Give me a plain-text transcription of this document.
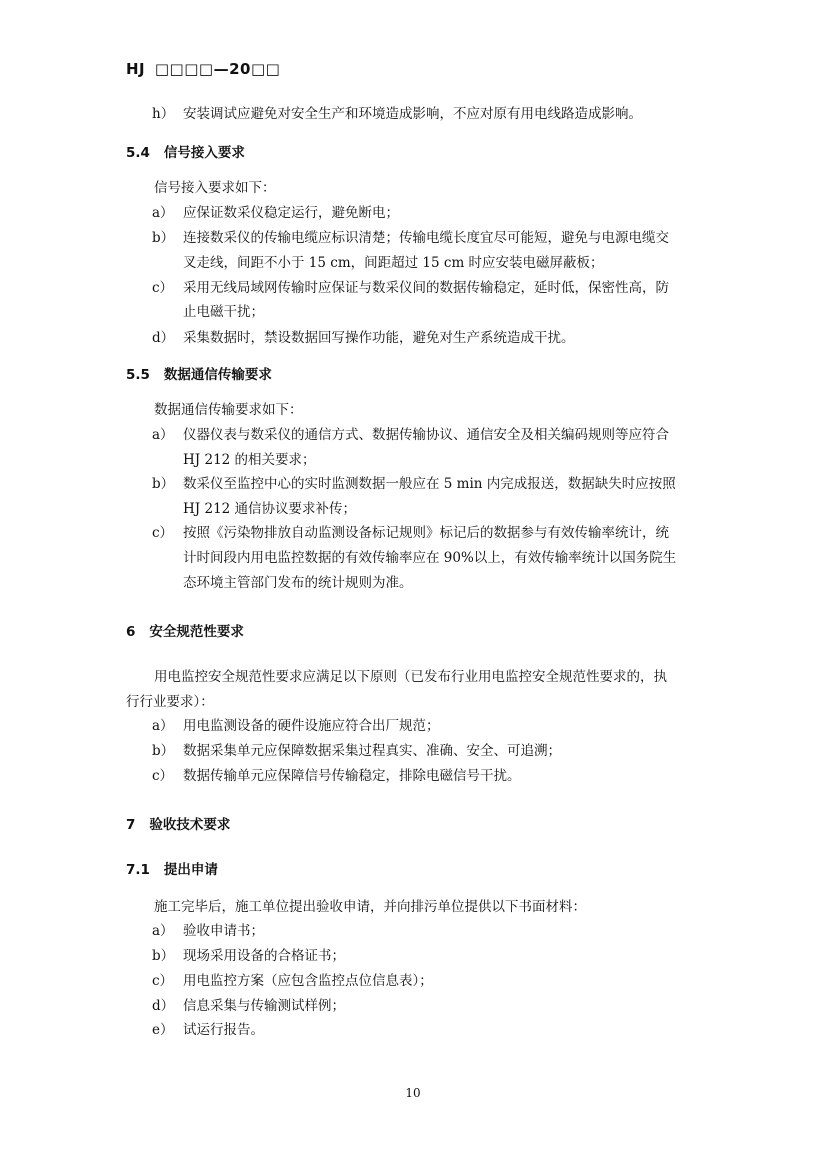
HJ □□□□—20□□
h） 安装调试应避免对安全生产和环境造成影响，不应对原有用电线路造成影响。
5.4 信号接入要求
信号接入要求如下：
a） 应保证数采仪稳定运行，避免断电；
b） 连接数采仪的传输电缆应标识清楚；传输电缆长度宜尽可能短，避免与电源电缆交
叉走线，间距不小于 15 cm，间距超过 15 cm 时应安装电磁屏蔽板；
c） 采用无线局域网传输时应保证与数采仪间的数据传输稳定，延时低，保密性高，防
止电磁干扰；
d） 采集数据时，禁设数据回写操作功能，避免对生产系统造成干扰。
5.5 数据通信传输要求
数据通信传输要求如下：
a） 仪器仪表与数采仪的通信方式、数据传输协议、通信安全及相关编码规则等应符合
HJ 212 的相关要求；
b） 数采仪至监控中心的实时监测数据一般应在 5 min 内完成报送，数据缺失时应按照
HJ 212 通信协议要求补传；
c） 按照《污染物排放自动监测设备标记规则》标记后的数据参与有效传输率统计，统
计时间段内用电监控数据的有效传输率应在 90%以上，有效传输率统计以国务院生
态环境主管部门发布的统计规则为准。
6 安全规范性要求
用电监控安全规范性要求应满足以下原则（已发布行业用电监控安全规范性要求的，执
行行业要求）：
a） 用电监测设备的硬件设施应符合出厂规范；
b） 数据采集单元应保障数据采集过程真实、准确、安全、可追溯；
c） 数据传输单元应保障信号传输稳定，排除电磁信号干扰。
7 验收技术要求
7.1 提出申请
施工完毕后，施工单位提出验收申请，并向排污单位提供以下书面材料：
a） 验收申请书；
b） 现场采用设备的合格证书；
c） 用电监控方案（应包含监控点位信息表）；
d） 信息采集与传输测试样例；
e） 试运行报告。
10
